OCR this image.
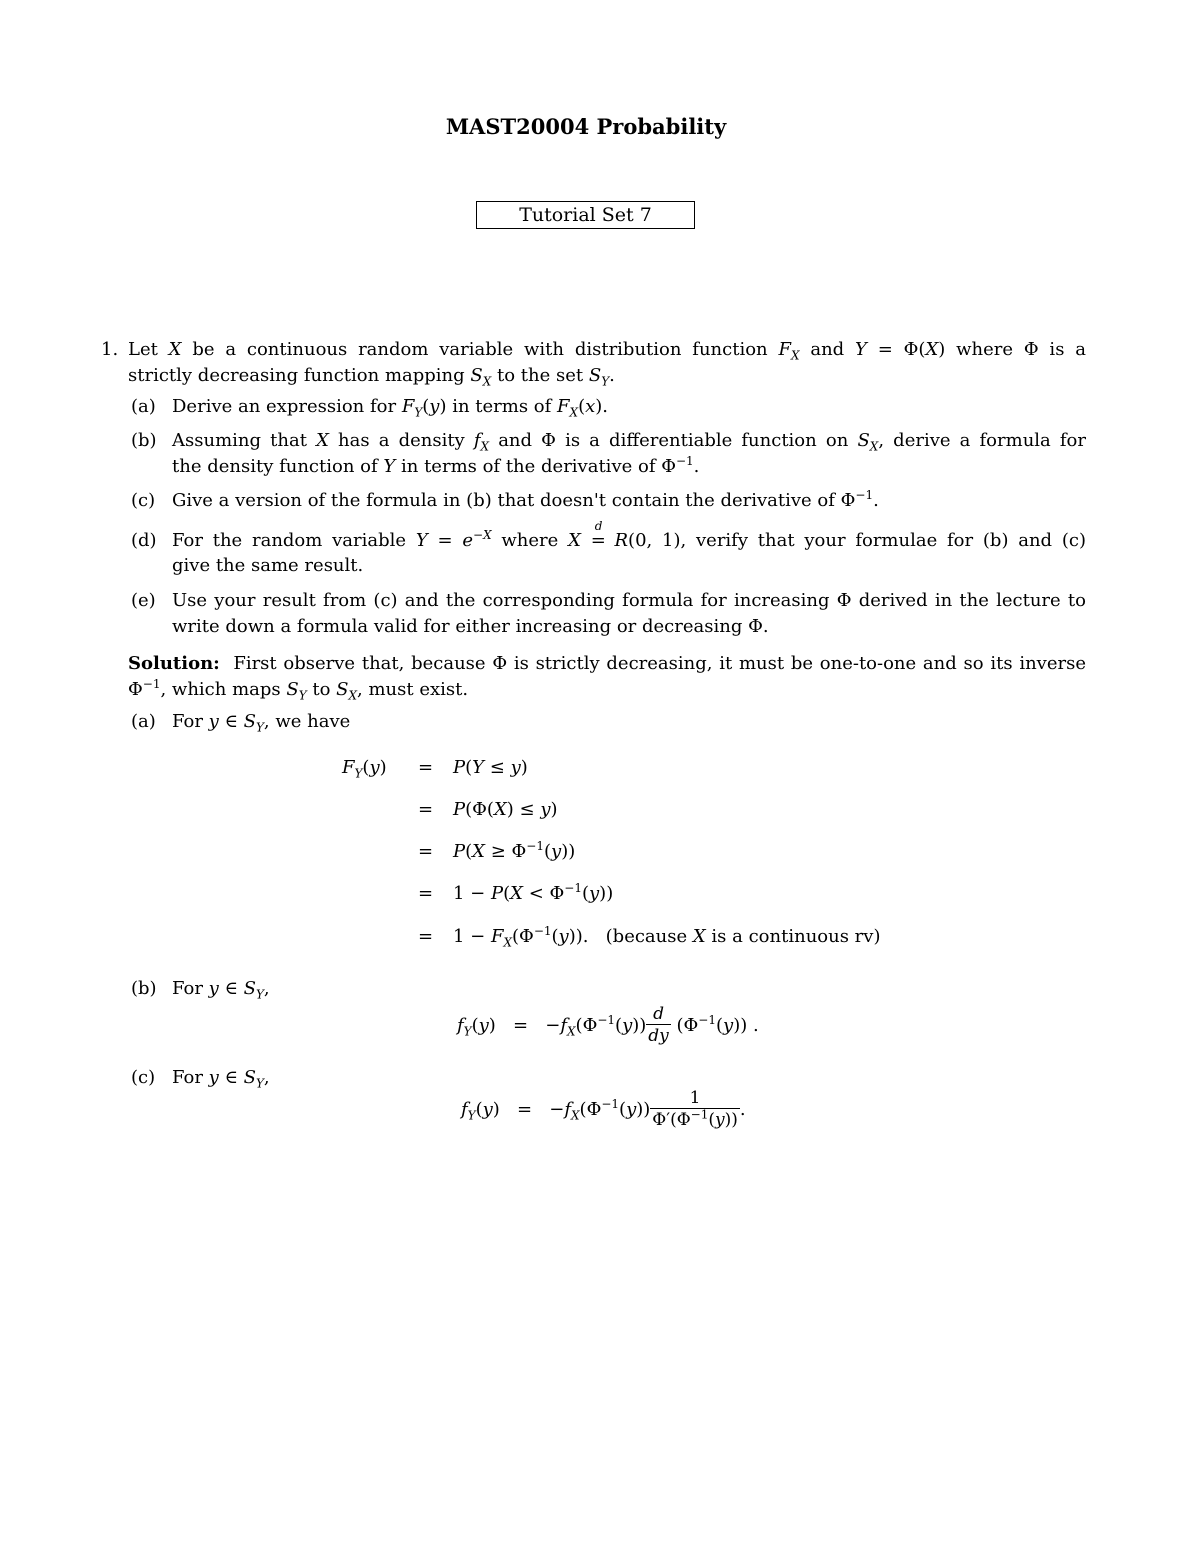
MAST20004 Probability
Tutorial Set 7
1. Let X be a continuous random variable with distribution function $F_X$ and Y = Φ(X) where Φ is a
strictly decreasing function mapping $S_X$ to the set $S_Y$.
(a) Derive an expression for $F_Y(y)$ in terms of $F_X(x)$.
(b) Assuming that X has a density $f_X$ and Φ is a differentiable function on $S_X$, derive a formula for
the density function of Y in terms of the derivative of $\Phi^{-1}$.
(c) Give a version of the formula in (b) that doesn't contain the derivative of $\Phi^{-1}$.
(d) For the random variable $Y = e^{-X}$ where X
d
= R(0, 1), verify that your formulae for (b) and (c)
give the same result.
(e) Use your result from (c) and the corresponding formula for increasing Φ derived in the lecture to
write down a formula valid for either increasing or decreasing Φ.
Solution:  First observe that, because Φ is strictly decreasing, it must be one-to-one and so its inverse
$\Phi^{-1}$, which maps $S_Y$ to $S_X$, must exist.
(a) For y ∈ $S_Y$, we have
$F_Y(y) = P(Y \le y)$
= P(Φ(X) ≤ y)
= $P(X \ge \Phi^{-1}(y))$
= $1 - P(X < \Phi^{-1}(y))$
= $1 - F_X(\Phi^{-1}(y))$.   (because X is a continuous rv)
(b) For y ∈ $S_Y$,
$f_Y(y) = -f_X(\Phi^{-1}(y)) \frac{d}{dy} (\Phi^{-1}(y))$ .
(c) For y ∈ $S_Y$,
$f_Y(y) = -f_X(\Phi^{-1}(y)) \frac{1}{\Phi'(\Phi^{-1}(y))}$ .
